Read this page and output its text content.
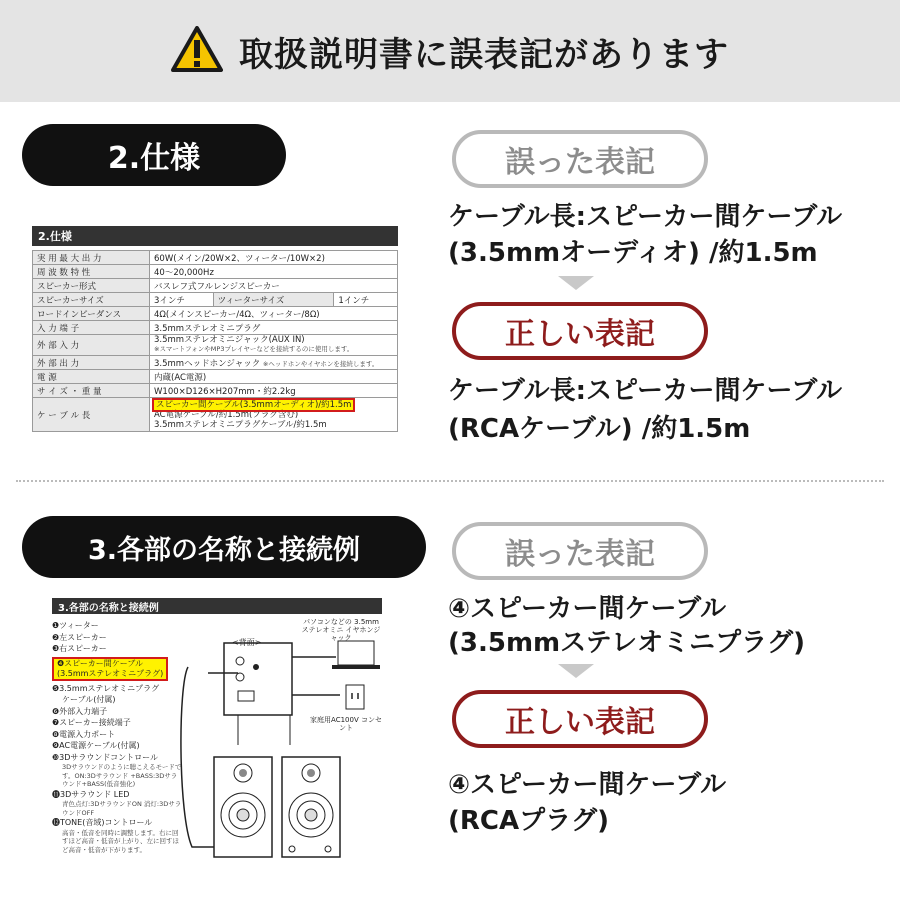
取扱説明書に誤表記があります
2.仕様
2.仕様
実 用 最 大 出 力	60W(メイン/20W×2、ツィーター/10W×2)		
周 波 数 特 性	40〜20,000Hz		
スピーカー形式	バスレフ式フルレンジスピーカー		
スピーカーサイズ	3インチ	ツィーターサイズ	1インチ
ロードインピーダンス	4Ω(メインスピーカー/4Ω、ツィーター/8Ω)		
入 力 端 子	3.5mmステレオミニプラグ		
外 部 入 力	3.5mmステレオミニジャック(AUX IN)
※スマートフォンやMP3プレイヤーなどを接続するのに使用します。		

外 部 出 力	3.5mmヘッドホンジャック ※ヘッドホンやイヤホンを接続します。		
電 源	内蔵(AC電源)		
サ イ ズ ・ 重 量	W100×D126×H207mm・約2.2kg		
ケ ー ブ ル 長	スピーカー間ケーブル(3.5mmオーディオ)/約1.5m
AC電源ケーブル/約1.5m(プラグ含む)
3.5mmステレオミニプラグケーブル/約1.5m		
誤った表記
ケーブル長:スピーカー間ケーブル
(3.5mmオーディオ) /約1.5m
正しい表記
ケーブル長:スピーカー間ケーブル
(RCAケーブル) /約1.5m
3.各部の名称と接続例
3.各部の名称と接続例
❶ツィーター
❷左スピーカー
❸右スピーカー
❹スピーカー間ケーブル
(3.5mmステレオミニプラグ)
❺3.5mmステレオミニプラグ
ケーブル(付属)
❻外部入力端子
❼スピーカー接続端子
❽電源入力ポート
❾AC電源ケーブル(付属)
❿3Dサラウンドコントロール
3Dサラウンドのように聴こえるモードです。ON:3Dサラウンド +BASS:3Dサラウンド+BASS(低音強化)
⓫3Dサラウンド LED
青色点灯:3DサラウンドON 消灯:3DサラウンドOFF
⓬TONE(音域)コントロール
高音・低音を同時に調整します。右に回すほど高音・低音が上がり、左に回すほど高音・低音が下がります。
<背面>
パソコンなどの 3.5mmステレオミニ イヤホンジャック
家庭用AC100V コンセント
誤った表記
④スピーカー間ケーブル
(3.5mmステレオミニプラグ)
正しい表記
④スピーカー間ケーブル
(RCAプラグ)
